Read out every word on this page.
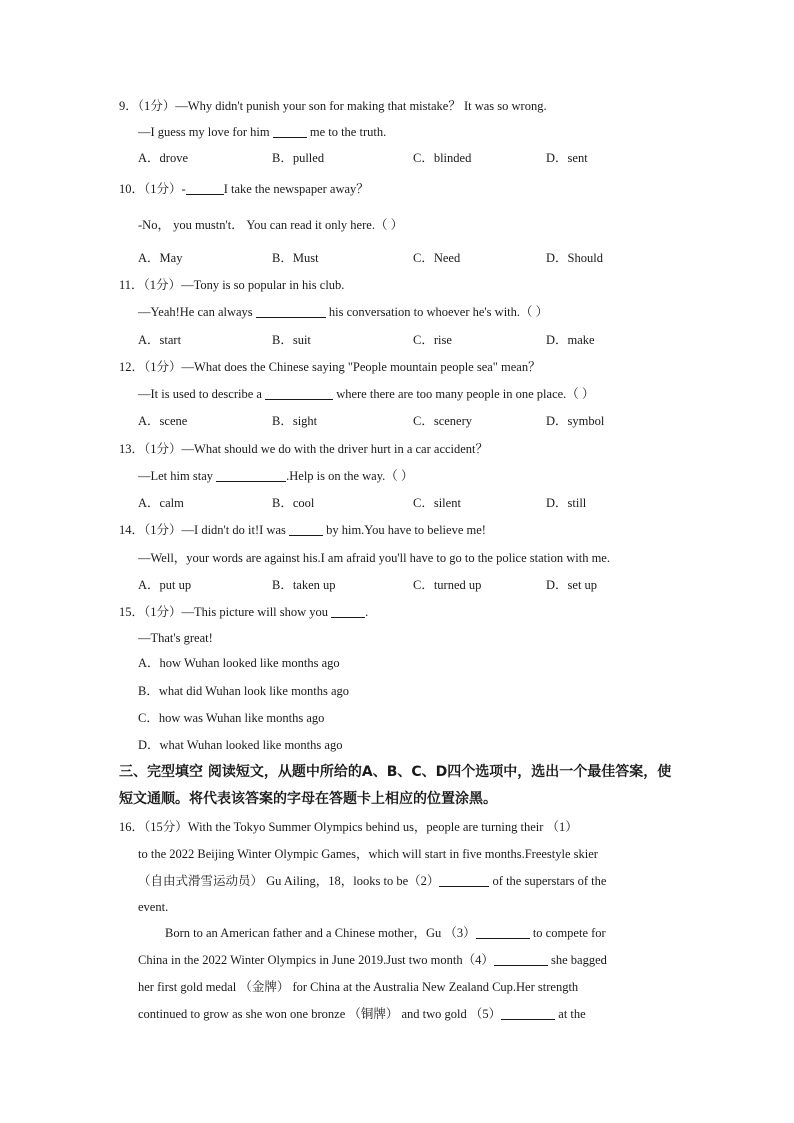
9．（1分）—Why didn't punish your son for making that mistake？ It was so wrong.
—I guess my love for him	me to the truth.
A．drove	B．pulled	C．blinded	D．sent
10．（1分）-	I take the newspaper away？
-No， you mustn't． You can read it only here.（ ）
A．May	B．Must	C．Need	D．Should
11．（1分）—Tony is so popular in his club.
—Yeah!He can always	his conversation to whoever he's with.（ ）
A．start	B．suit	C．rise	D．make
12．（1分）—What does the Chinese saying "People mountain people sea" mean？
—It is used to describe a	where there are too many people in one place.（ ）
A．scene	B．sight	C．scenery	D．symbol
13．（1分）—What should we do with the driver hurt in a car accident？
—Let him stay	.Help is on the way.（ ）
A．calm	B．cool	C．silent	D．still
14．（1分）—I didn't do it!I was	by him.You have to believe me!
—Well，your words are against his.I am afraid you'll have to go to the police station with me.
A．put up	B．taken up	C．turned up	D．set up
15．（1分）—This picture will show you	.
—That's great!
A．how Wuhan looked like months ago
B．what did Wuhan look like months ago
C．how was Wuhan like months ago
D．what Wuhan looked like months ago
三、完型填空 阅读短文，从题中所给的A、B、C、D四个选项中，选出一个最佳答案，使
短文通顺。将代表该答案的字母在答题卡上相应的位置涂黑。
16．（15分）With the Tokyo Summer Olympics behind us，people are turning their （1）
to the 2022 Beijing Winter Olympic Games，which will start in five months.Freestyle skier
（自由式滑雪运动员） Gu Ailing，18，looks to be（2）	of the superstars of the
event.
Born to an American father and a Chinese mother，Gu （3）	to compete for
China in the 2022 Winter Olympics in June 2019.Just two month（4）	she bagged
her first gold medal （金牌） for China at the Australia New Zealand Cup.Her strength
continued to grow as she won one bronze （铜牌） and two gold （5）	at the
